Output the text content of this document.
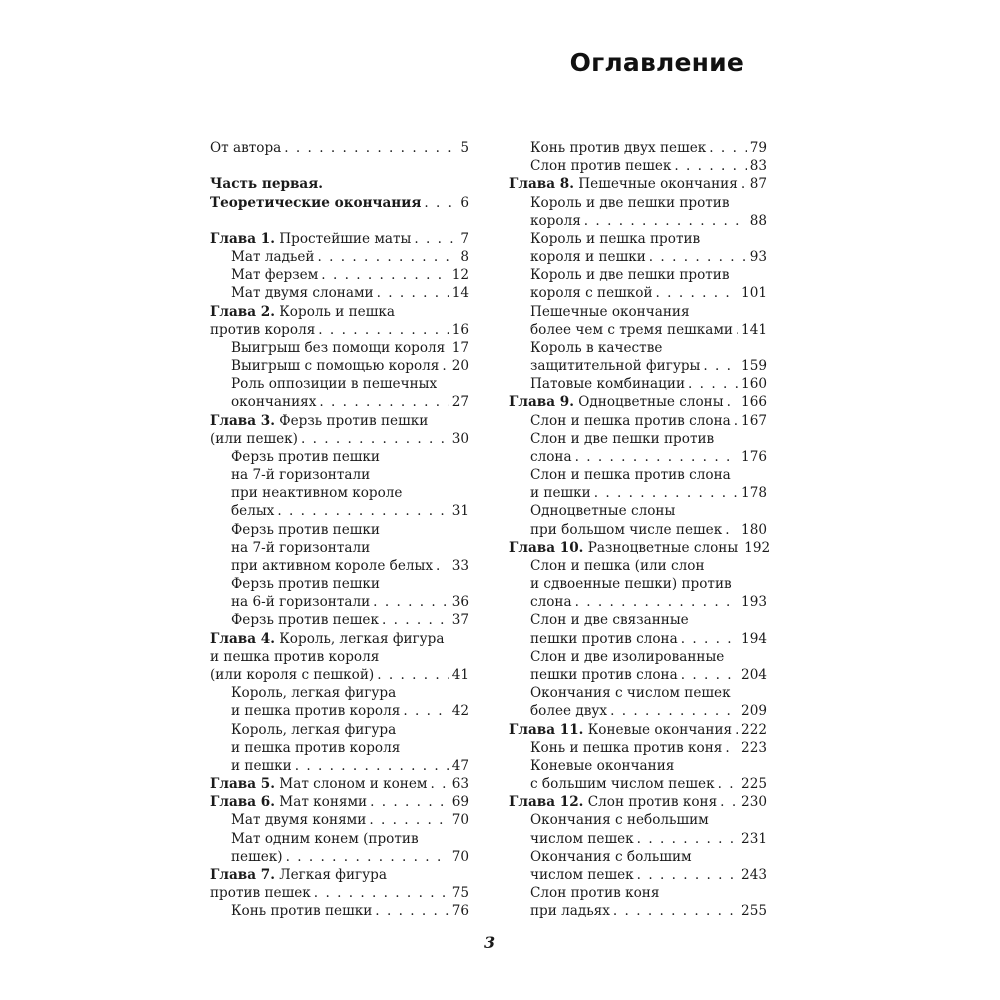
Оглавление
От автора . . .	5
Часть первая.
Теоретические окончания . . .	6
Глава 1. Простейшие маты . . .	7
Мат ладьей . . .	8
Мат ферзем . . .	12
Мат двумя слонами . . .	14
Глава 2. Король и пешка
против короля . . .	16
Выигрыш без помощи короля . . . 17
Выигрыш с помощью короля . . . 20
Роль оппозиции в пешечных
окончаниях . . .	27
Глава 3. Ферзь против пешки
(или пешек) . . .	30
Ферзь против пешки
на 7-й горизонтали
при неактивном короле
белых . . .	31
Ферзь против пешки
на 7-й горизонтали
при активном короле белых . . . 33
Ферзь против пешки
на 6-й горизонтали . . .	36
Ферзь против пешек . . .	37
Глава 4. Король, легкая фигура
и пешка против короля
(или короля с пешкой) . . .	41
Король, легкая фигура
и пешка против короля . . .	42
Король, легкая фигура
и пешка против короля
и пешки . . .	47
Глава 5. Мат слоном и конем . . . 63
Глава 6. Мат конями . . .	69
Мат двумя конями . . .	70
Мат одним конем (против
пешек) . . .	70
Глава 7. Легкая фигура
против пешек . . .	75
Конь против пешки . . .	76
Конь против двух пешек . . .	79
Слон против пешек . . .	83
Глава 8. Пешечные окончания . . . 87
Король и две пешки против
короля . . .	88
Король и пешка против
короля и пешки . . .	93
Король и две пешки против
короля с пешкой . . .	101
Пешечные окончания
более чем с тремя пешками . . . 141
Король в качестве
защитительной фигуры . . .	159
Патовые комбинации . . .	160
Глава 9. Одноцветные слоны . . . 166
Слон и пешка против слона . . . 167
Слон и две пешки против
слона . . .	176
Слон и пешка против слона
и пешки . . .	178
Одноцветные слоны
при большом числе пешек . . . 180
Глава 10. Разноцветные слоны 192
Слон и пешка (или слон
и сдвоенные пешки) против
слона . . .	193
Слон и две связанные
пешки против слона . . .	194
Слон и две изолированные
пешки против слона . . .	204
Окончания с числом пешек
более двух . . .	209
Глава 11. Коневые окончания . . . 222
Конь и пешка против коня . . . 223
Коневые окончания
с большим числом пешек . . . 225
Глава 12. Слон против коня . . . 230
Окончания с небольшим
числом пешек . . .	231
Окончания с большим
числом пешек . . .	243
Слон против коня
при ладьях . . .	255
3
